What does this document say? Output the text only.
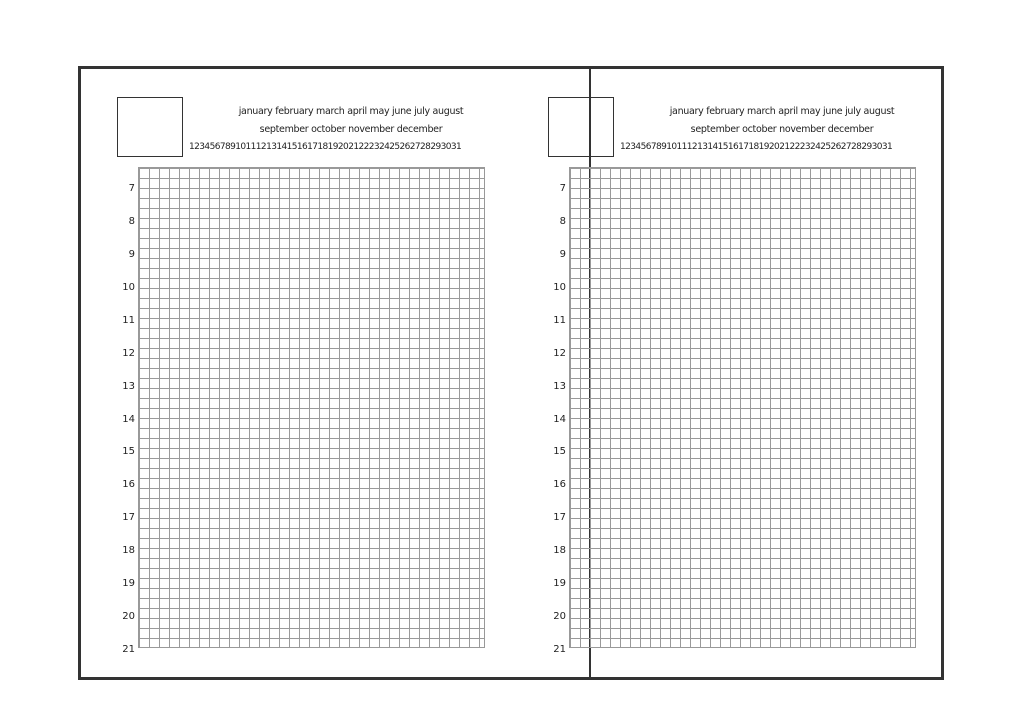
january february march april may june july august
september october november december
1 2 3 4 5 6 7 8 9 10 11 12 13 14 15 16 17 18 19 20 21 22 23 24 25 26 27 28 29 30 31
7
8
9
10
11
12
13
14
15
16
17
18
19
20
21
january february march april may june july august
september october november december
1 2 3 4 5 6 7 8 9 10 11 12 13 14 15 16 17 18 19 20 21 22 23 24 25 26 27 28 29 30 31
7
8
9
10
11
12
13
14
15
16
17
18
19
20
21
